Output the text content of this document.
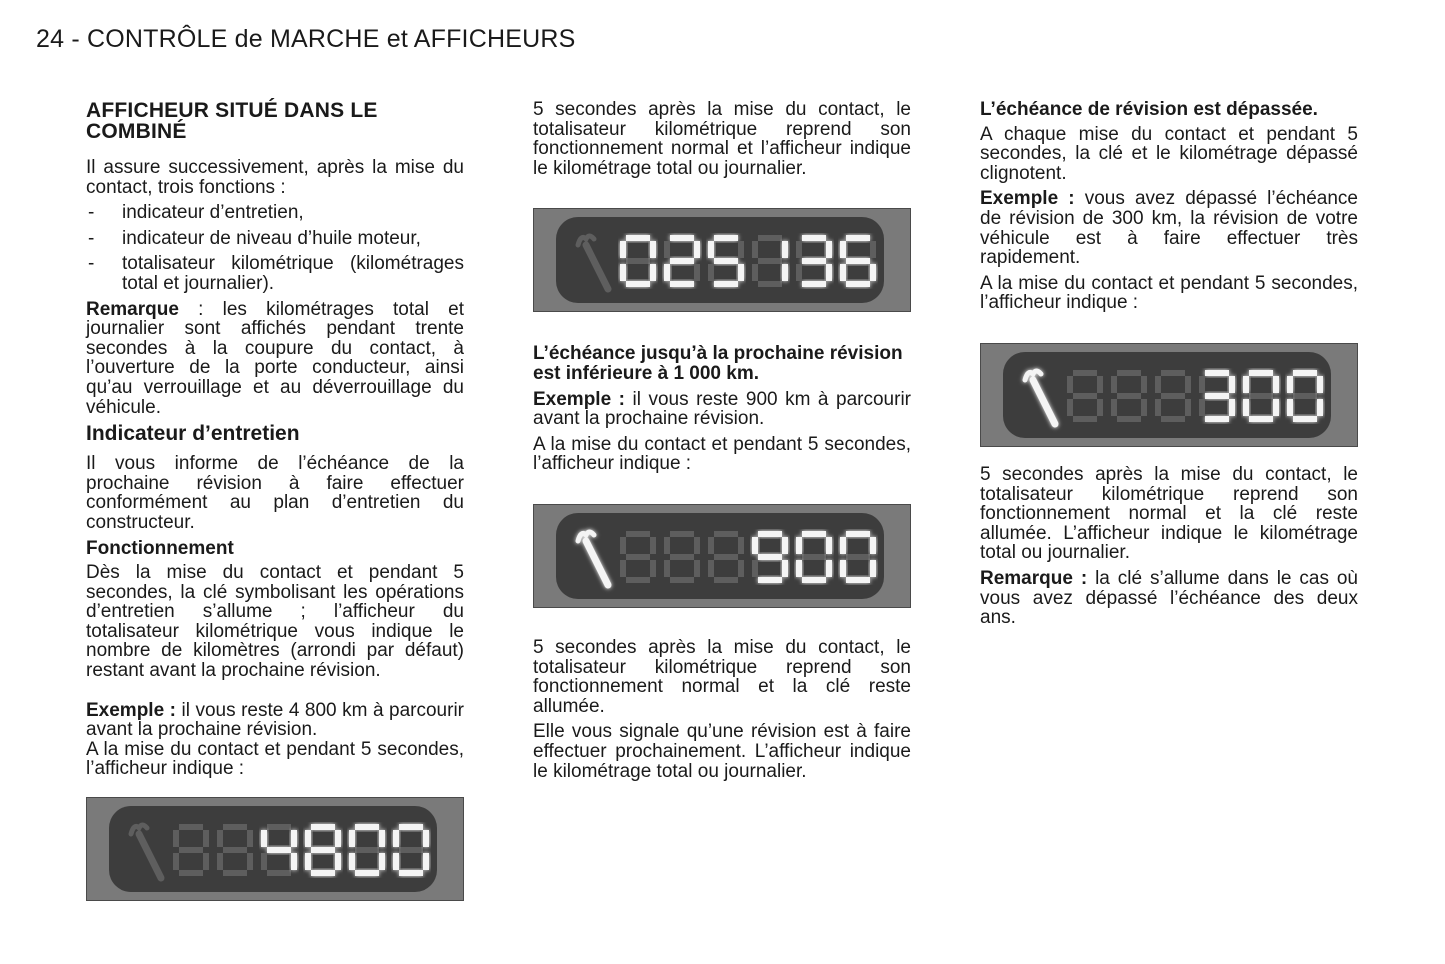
24 - CONTRÔLE de MARCHE et AFFICHEURS
AFFICHEUR SITUÉ DANS LE COMBINÉ

Il assure successivement, après la mise du contact, trois fonctions :

- indicateur d’entretien,
- indicateur de niveau d’huile moteur,
- totalisateur kilométrique (kilométrages total et journalier).

Remarque : les kilométrages total et journalier sont affichés pendant trente secondes à la coupure du contact, à l’ouverture de la porte conducteur, ainsi qu’au verrouillage et au déverrouillage du véhicule.

Indicateur d’entretien

Il vous informe de l’échéance de la prochaine révision à faire effectuer conformément au plan d’entretien du constructeur.

Fonctionnement

Dès la mise du contact et pendant 5 secondes, la clé symbolisant les opérations d’entretien s’allume ; l’afficheur du totalisateur kilométrique vous indique le nombre de kilomètres (arrondi par défaut) restant avant la prochaine révision.

Exemple : il vous reste 4 800 km à parcourir avant la prochaine révision.

A la mise du contact et pendant 5 secondes, l’afficheur indique :

5 secondes après la mise du contact, le totalisateur kilométrique reprend son fonctionnement normal et l’afficheur indique le kilométrage total ou journalier.

L’échéance jusqu’à la prochaine révision est inférieure à 1 000 km.

Exemple : il vous reste 900 km à parcourir avant la prochaine révision.

A la mise du contact et pendant 5 secondes, l’afficheur indique :

5 secondes après la mise du contact, le totalisateur kilométrique reprend son fonctionnement normal et la clé reste allumée.

Elle vous signale qu’une révision est à faire effectuer prochainement. L’afficheur indique le kilométrage total ou journalier.

L’échéance de révision est dépassée.

A chaque mise du contact et pendant 5 secondes, la clé et le kilométrage dépassé clignotent.

Exemple : vous avez dépassé l’échéance de révision de 300 km, la révision de votre véhicule est à faire effectuer très rapidement.

A la mise du contact et pendant 5 secondes, l’afficheur indique :

5 secondes après la mise du contact, le totalisateur kilométrique reprend son fonctionnement normal et la clé reste allumée. L’afficheur indique le kilométrage total ou journalier.

Remarque : la clé s’allume dans le cas où vous avez dépassé l’échéance des deux ans.
